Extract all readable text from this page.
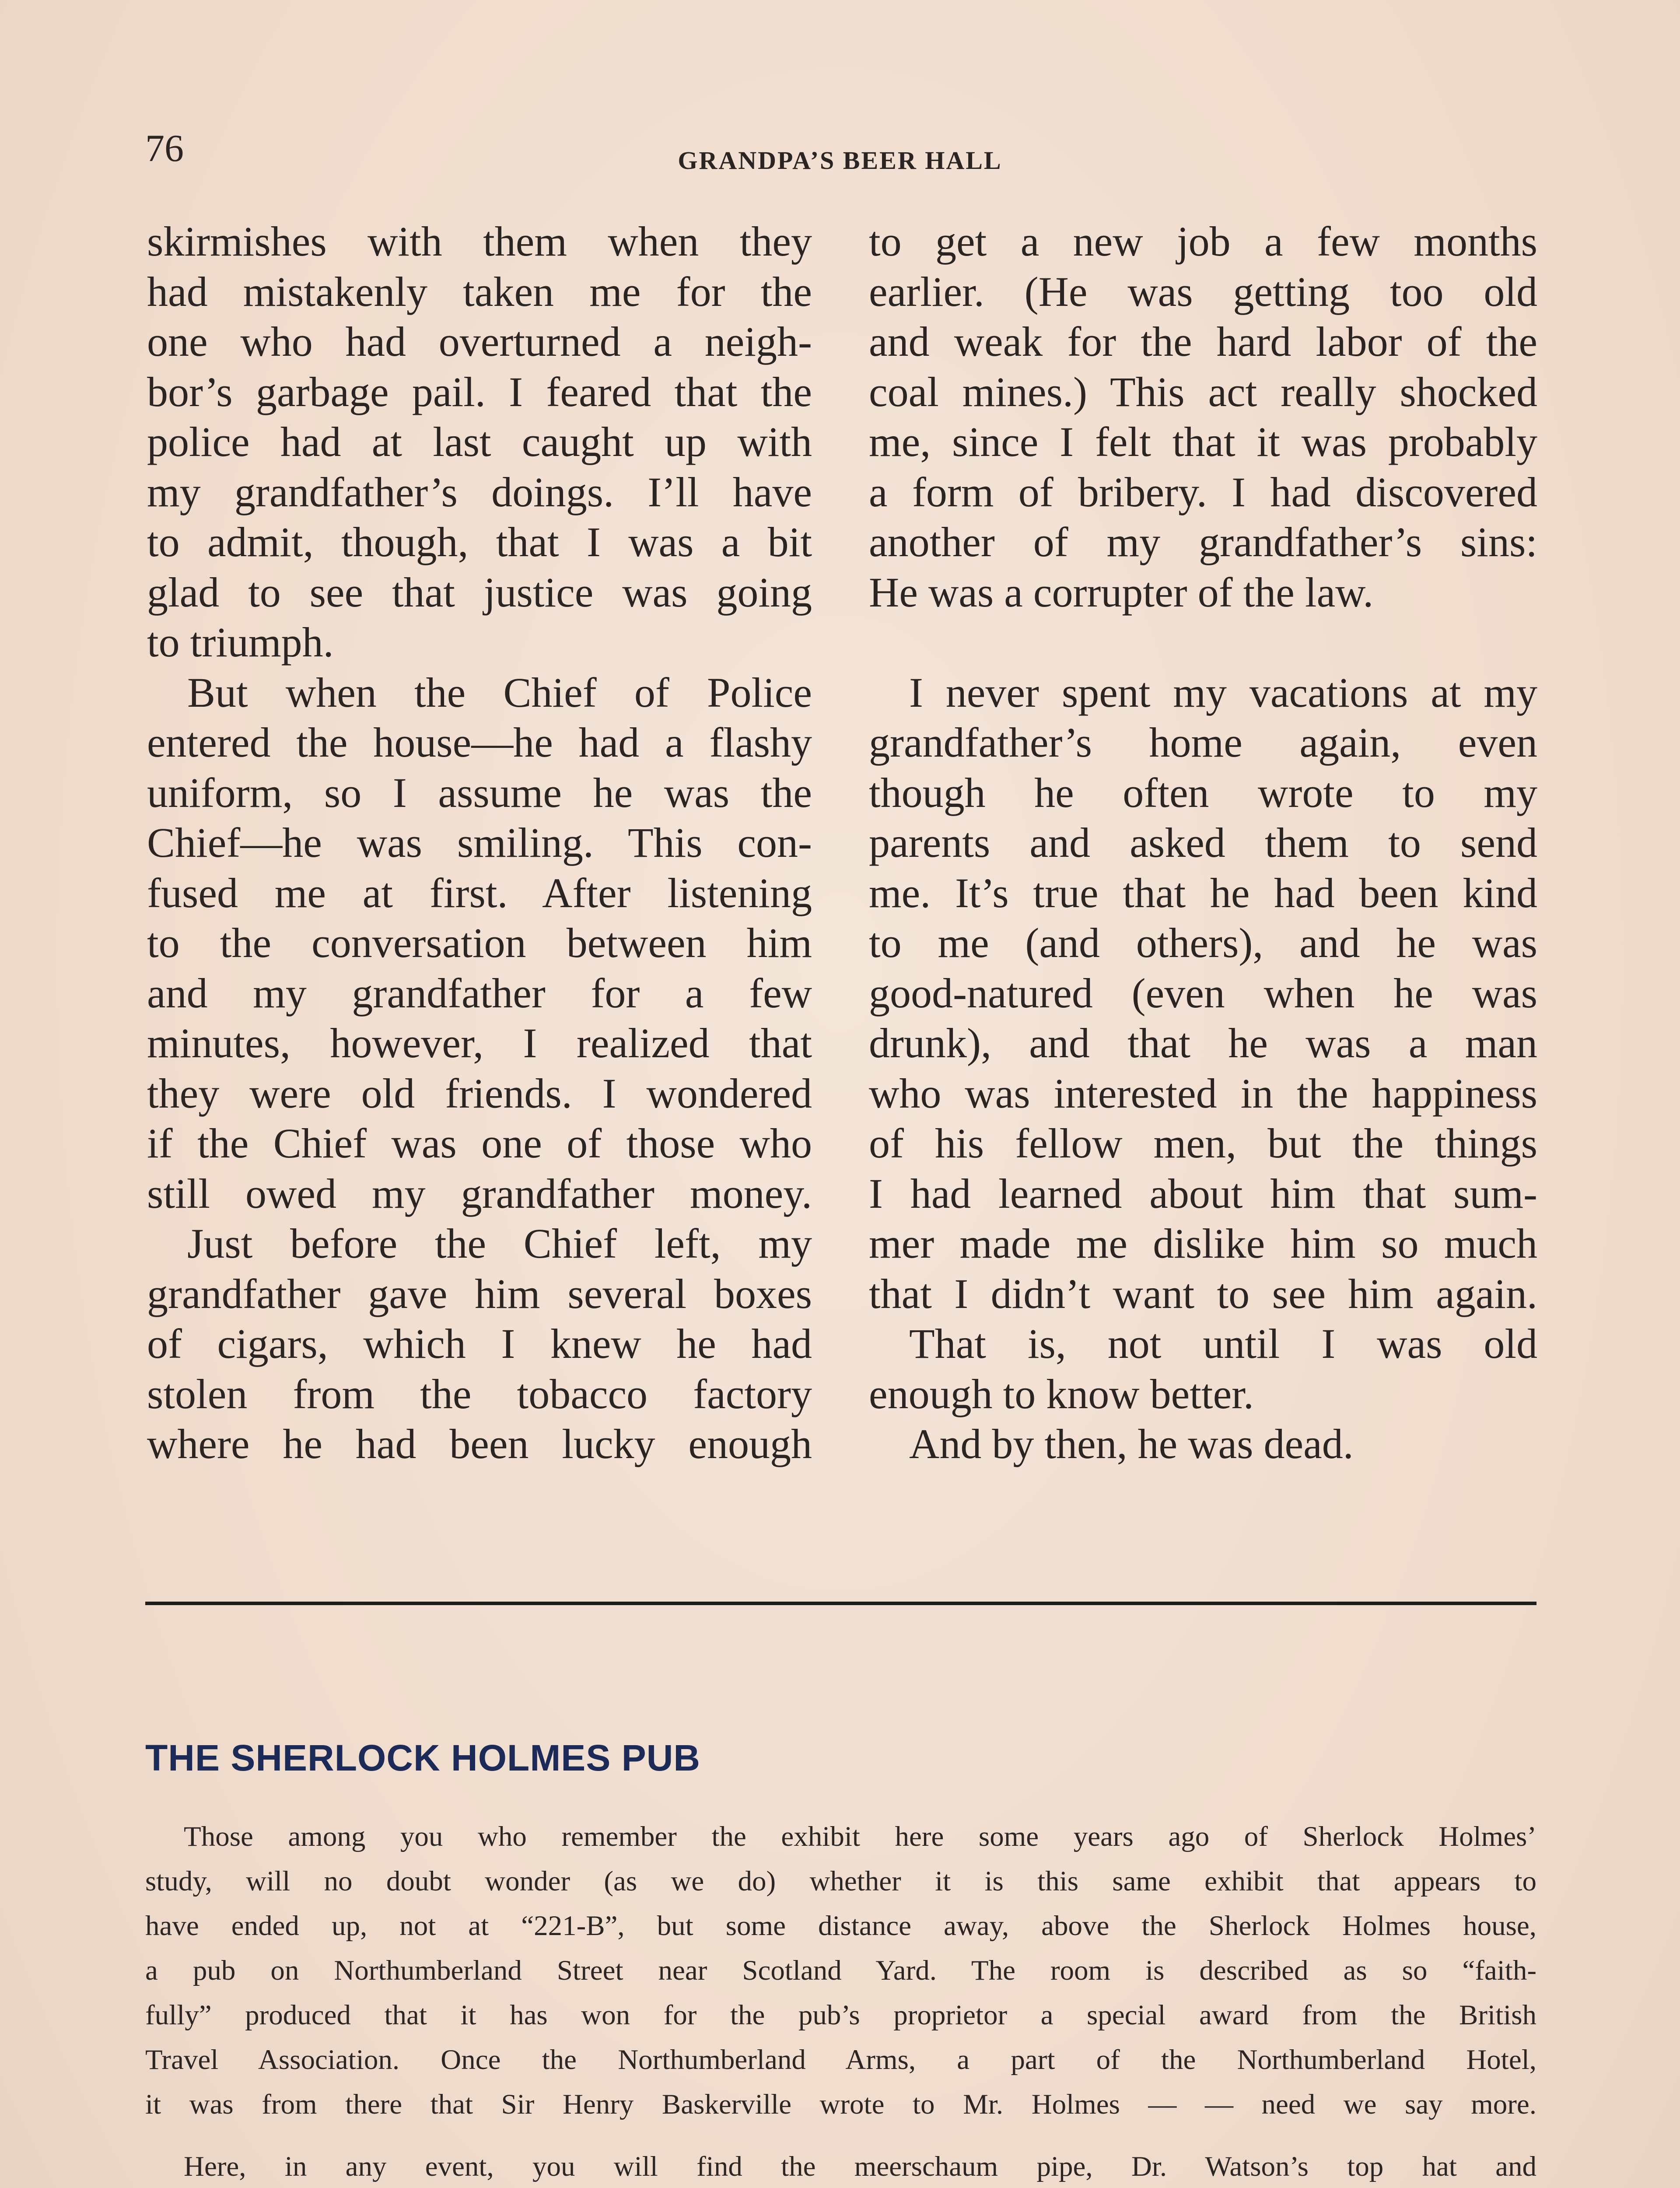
76	GRANDPA’S BEER HALL

skirmishes with them when they

had mistakenly taken me for the

one who had overturned a neigh-

bor’s garbage pail. I feared that the

police had at last caught up with

my grandfather’s doings. I’ll have

to admit, though, that I was a bit

glad to see that justice was going

to triumph.

But when the Chief of Police

entered the house—he had a flashy

uniform, so I assume he was the

Chief—he was smiling. This con-

fused me at first. After listening

to the conversation between him

and my grandfather for a few

minutes, however, I realized that

they were old friends. I wondered

if the Chief was one of those who

still owed my grandfather money.

Just before the Chief left, my

grandfather gave him several boxes

of cigars, which I knew he had

stolen from the tobacco factory

where he had been lucky enough

to get a new job a few months

earlier. (He was getting too old

and weak for the hard labor of the

coal mines.) This act really shocked

me, since I felt that it was probably

a form of bribery. I had discovered

another of my grandfather’s sins:

He was a corrupter of the law.

I never spent my vacations at my

grandfather’s home again, even

though he often wrote to my

parents and asked them to send

me. It’s true that he had been kind

to me (and others), and he was

good-natured (even when he was

drunk), and that he was a man

who was interested in the happiness

of his fellow men, but the things

I had learned about him that sum-

mer made me dislike him so much

that I didn’t want to see him again.

That is, not until I was old

enough to know better.

And by then, he was dead.

THE SHERLOCK HOLMES PUB

Those among you who remember the exhibit here some years ago of Sherlock Holmes’

study, will no doubt wonder (as we do) whether it is this same exhibit that appears to

have ended up, not at “221-B”, but some distance away, above the Sherlock Holmes house,

a pub on Northumberland Street near Scotland Yard. The room is described as so “faith-

fully” produced that it has won for the pub’s proprietor a special award from the British

Travel Association. Once the Northumberland Arms, a part of the Northumberland Hotel,

it was from there that Sir Henry Baskerville wrote to Mr. Holmes — — need we say more.

Here, in any event, you will find the meerschaum pipe, Dr. Watson’s top hat and
